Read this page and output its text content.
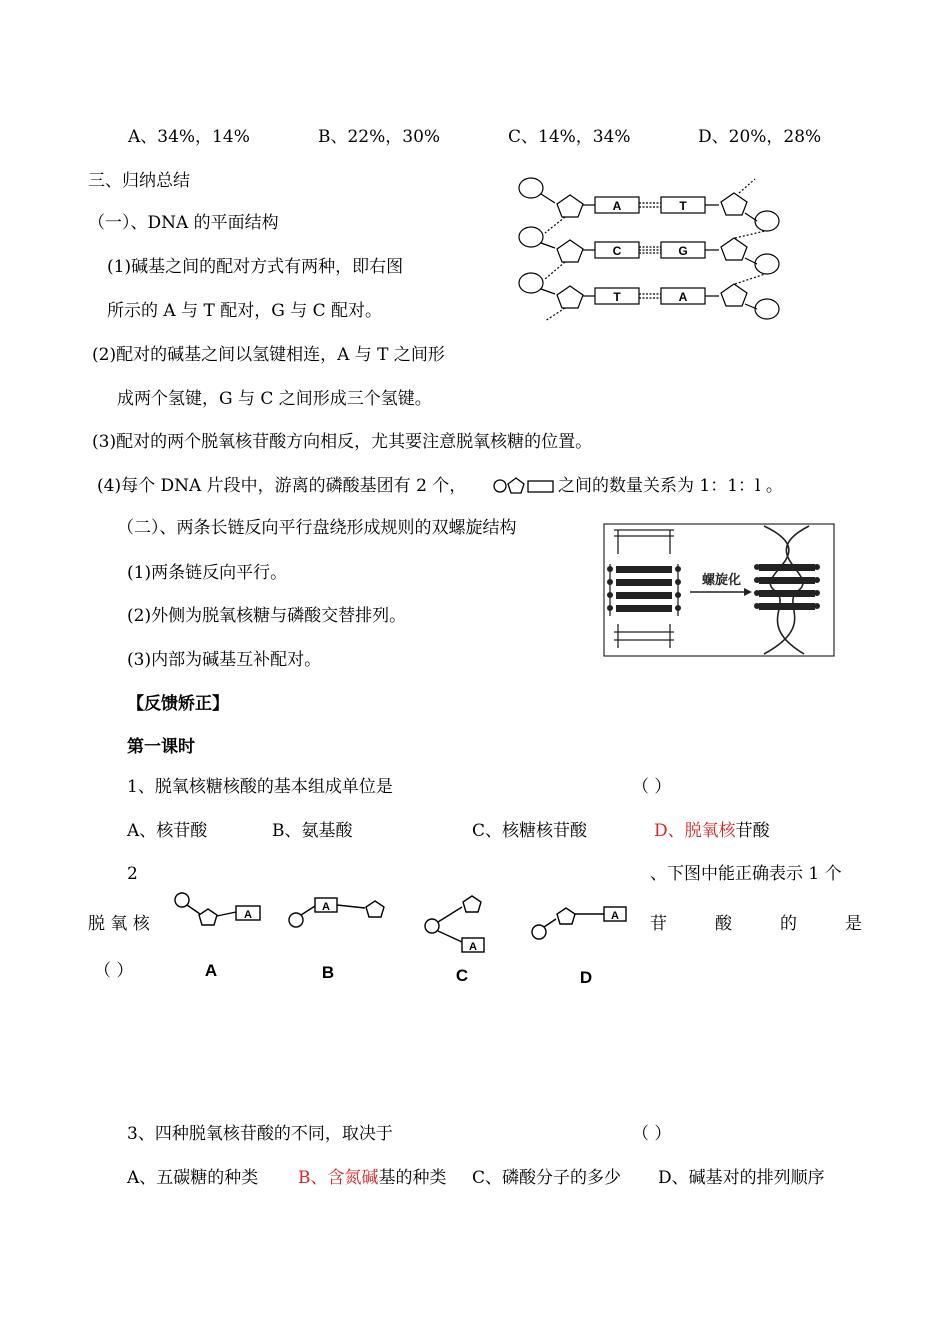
A、34%，14%	B、22%，30%	C、14%，34%	D、20%，28%
三、归纳总结
（一）、DNA 的平面结构
(1)碱基之间的配对方式有两种，即右图
所示的 A 与 T 配对，G 与 C 配对。
(2)配对的碱基之间以氢键相连，A 与 T 之间形
成两个氢键，G 与 C 之间形成三个氢键。
(3)配对的两个脱氧核苷酸方向相反，尤其要注意脱氧核糖的位置。
(4)每个 DNA 片段中，游离的磷酸基团有 2 个，	之间的数量关系为 1：1：l 。
A	T
C	G
T	A
（二）、两条长链反向平行盘绕形成规则的双螺旋结构
(1)两条链反向平行。
(2)外侧为脱氧核糖与磷酸交替排列。
(3)内部为碱基互补配对。
螺旋化
【反馈矫正】
第一课时
1、脱氧核糖核酸的基本组成单位是	（ ）
A、核苷酸	B、氨基酸	C、核糖核苷酸	D、脱氧核苷酸
2	、下图中能正确表示 1 个
脱 氧 核	苷	酸	的	是
（ ）
A
A
A
A
A	B	C	D
3、四种脱氧核苷酸的不同，取决于	（ ）
A、五碳糖的种类 B、含氮碱基的种类 C、磷酸分子的多少 D、碱基对的排列顺序
